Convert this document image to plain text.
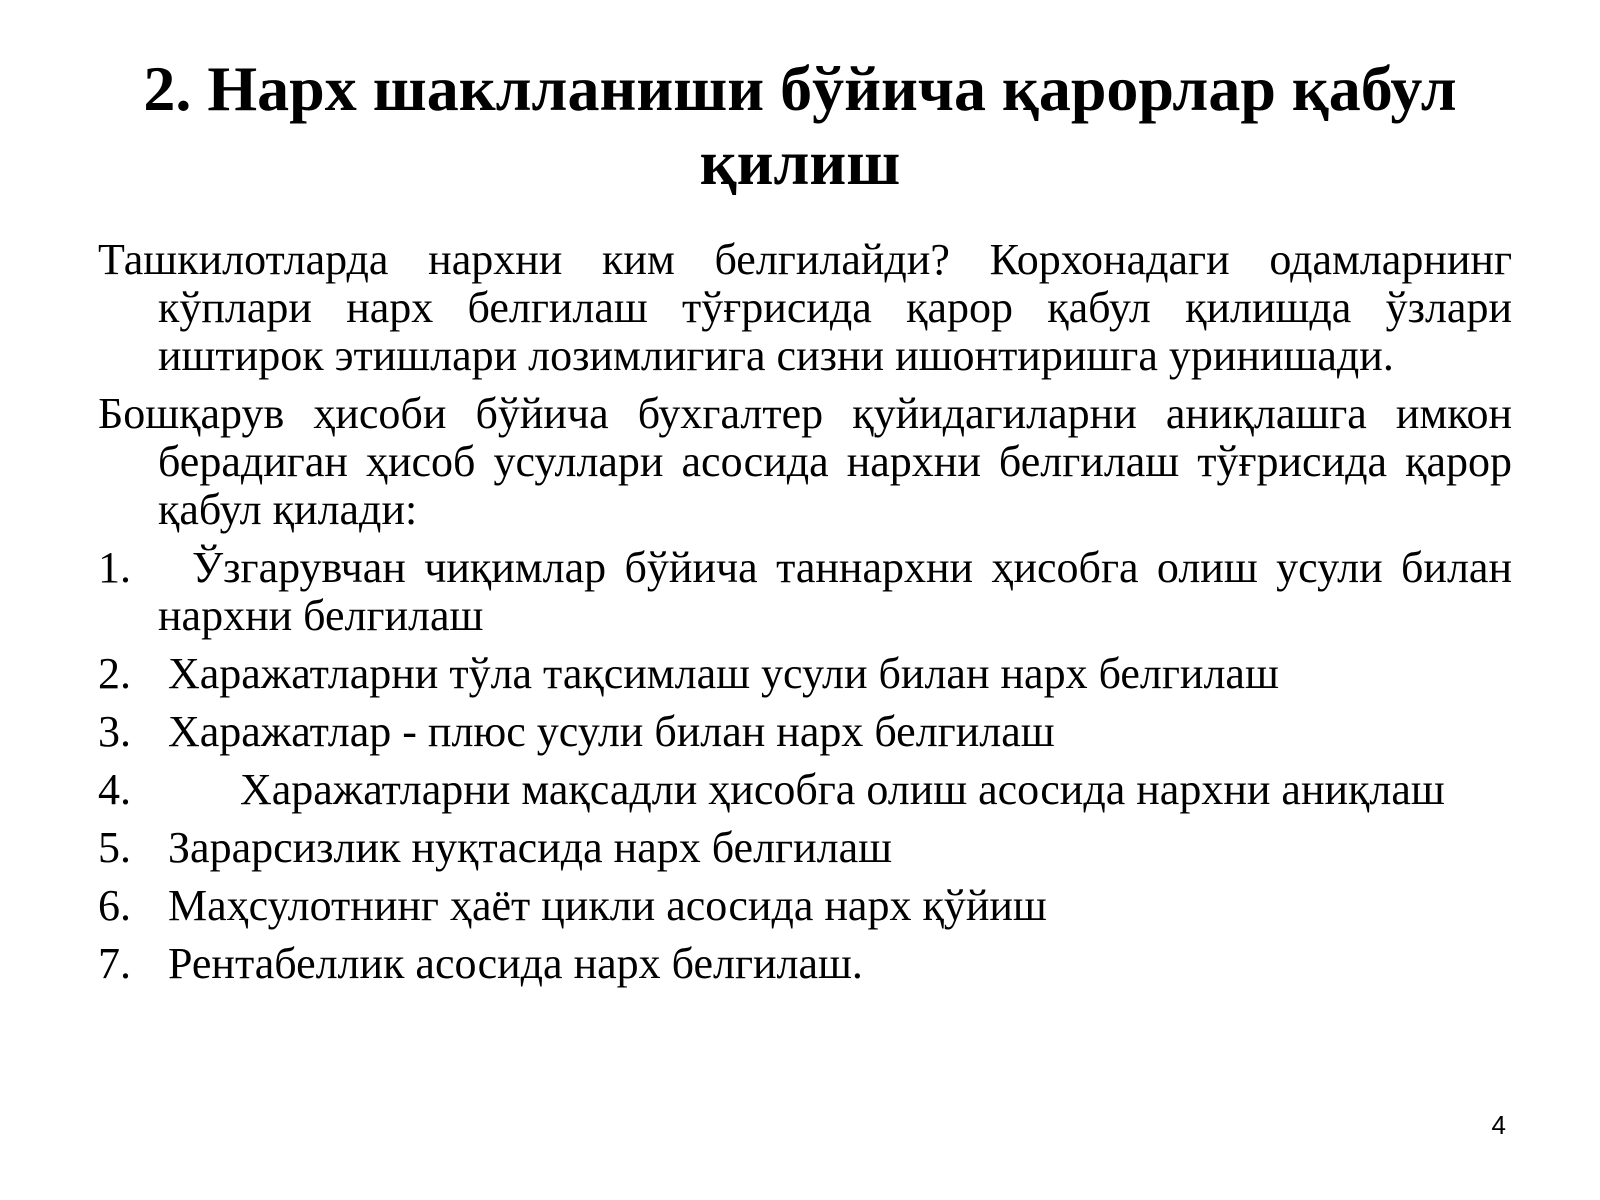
2. Нарх шаклланиши бўйича қарорлар қабул қилиш

Ташкилотларда нархни ким белгилайди? Корхонадаги одамларнинг кўплари нарх белгилаш тўғрисида қарор қабул қилишда ўзлари иштирок этишлари лозимлигига сизни ишонтиришга уринишади.

Бошқарув ҳисоби бўйича бухгалтер қуйидагиларни аниқлашга имкон берадиган ҳисоб усуллари асосида нархни белгилаш тўғрисида қарор қабул қилади:

1.	Ўзгарувчан чиқимлар бўйича таннархни ҳисобга олиш усули билан нархни белгилаш
2. Харажатларни тўла тақсимлаш усули билан нарх белгилаш
3. Харажатлар - плюс усули билан нарх белгилаш
4.	Харажатларни мақсадли ҳисобга олиш асосида нархни аниқлаш
5. Зарарсизлик нуқтасида нарх белгилаш
6. Маҳсулотнинг ҳаёт цикли асосида нарх қўйиш
7. Рентабеллик асосида нарх белгилаш.
4
